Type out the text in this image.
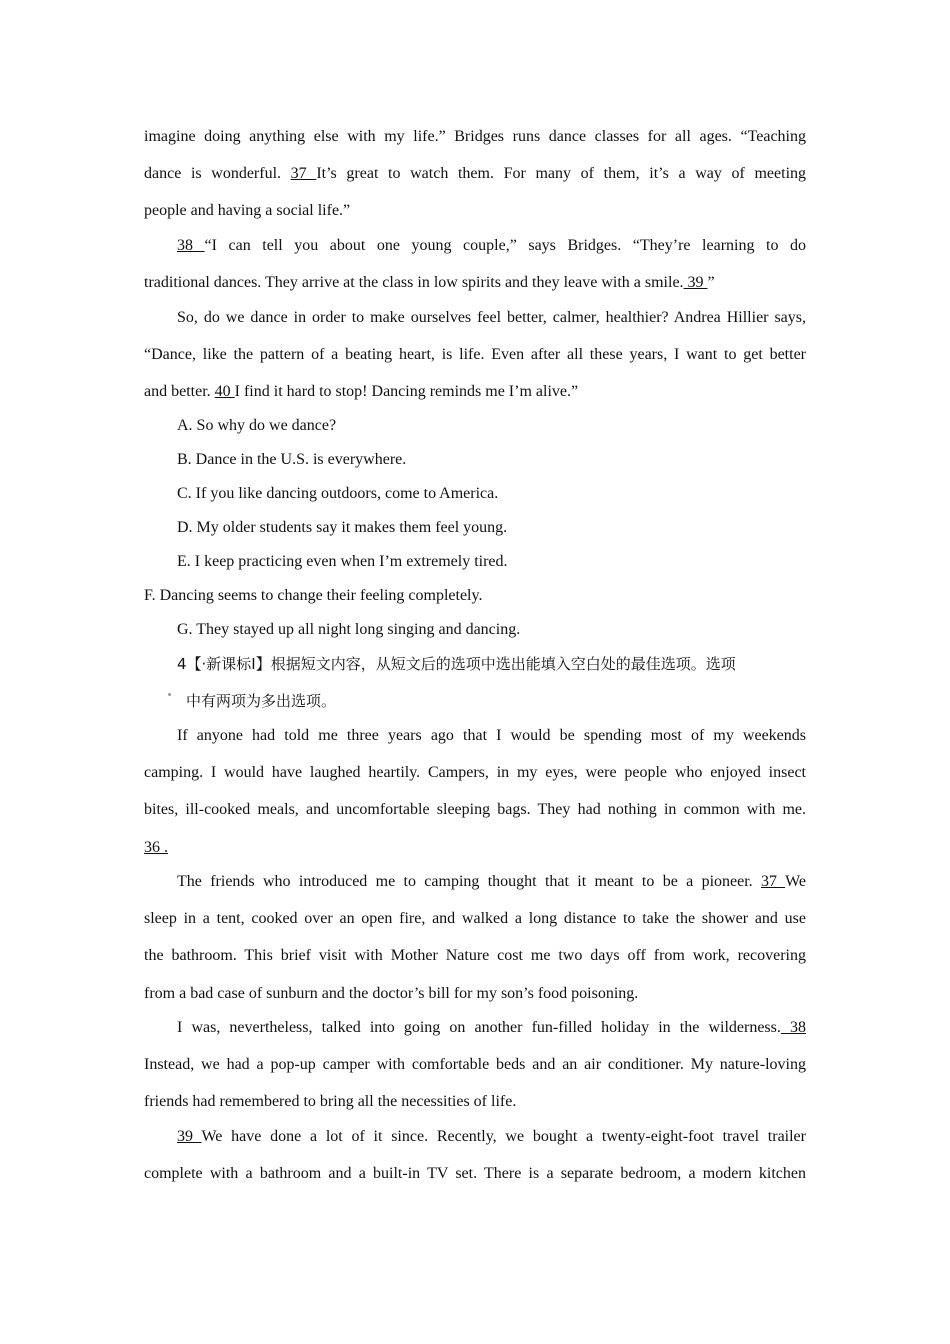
imagine doing anything else with my life.” Bridges runs dance classes for all ages. “Teaching
dance is wonderful. 37 It’s great to watch them. For many of them, it’s a way of meeting
people and having a social life.”
38 “I can tell you about one young couple,” says Bridges. “They’re learning to do
traditional dances. They arrive at the class in low spirits and they leave with a smile. 39 ”
So, do we dance in order to make ourselves feel better, calmer, healthier? Andrea Hillier says,
“Dance, like the pattern of a beating heart, is life. Even after all these years, I want to get better
and better. 40 I find it hard to stop! Dancing reminds me I’m alive.”
A. So why do we dance?
B. Dance in the U.S. is everywhere.
C. If you like dancing outdoors, come to America.
D. My older students say it makes them feel young.
E. I keep practicing even when I’m extremely tired.
F. Dancing seems to change their feeling completely.
G. They stayed up all night long singing and dancing.
4【·新课标Ⅰ】根据短文内容，从短文后的选项中选出能填入空白处的最佳选项。选项
中有两项为多出选项。
If anyone had told me three years ago that I would be spending most of my weekends
camping. I would have laughed heartily. Campers, in my eyes, were people who enjoyed insect
bites, ill-cooked meals, and uncomfortable sleeping bags. They had nothing in common with me.
36 .
The friends who introduced me to camping thought that it meant to be a pioneer. 37 We
sleep in a tent, cooked over an open fire, and walked a long distance to take the shower and use
the bathroom. This brief visit with Mother Nature cost me two days off from work, recovering
from a bad case of sunburn and the doctor’s bill for my son’s food poisoning.
I was, nevertheless, talked into going on another fun-filled holiday in the wilderness. 38
Instead, we had a pop-up camper with comfortable beds and an air conditioner. My nature-loving
friends had remembered to bring all the necessities of life.
39 We have done a lot of it since. Recently, we bought a twenty-eight-foot travel trailer
complete with a bathroom and a built-in TV set. There is a separate bedroom, a modern kitchen
